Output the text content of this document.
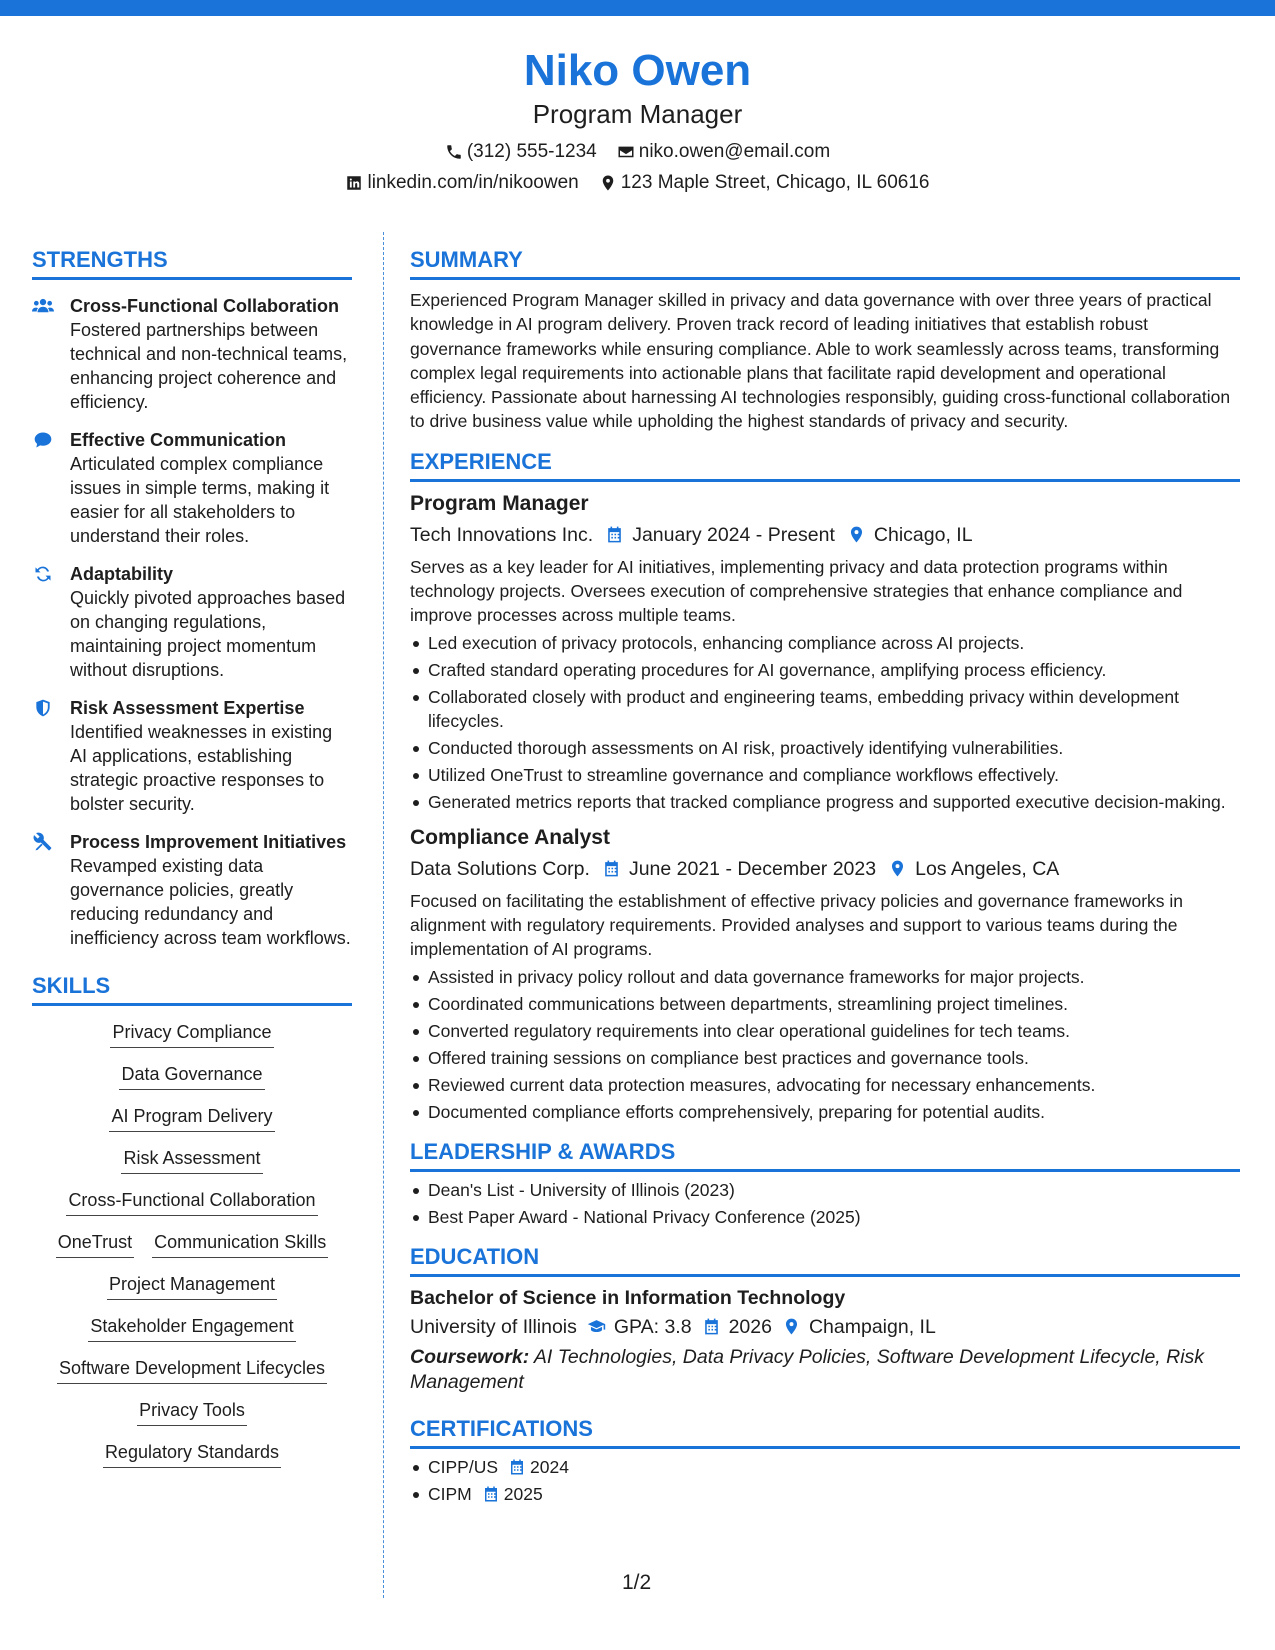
Niko Owen
Program Manager
(312) 555-1234 niko.owen@email.com
linkedin.com/in/nikoowen 123 Maple Street, Chicago, IL 60616
STRENGTHS
Cross-Functional Collaboration
Fostered partnerships between technical and non-technical teams, enhancing project coherence and efficiency.
Effective Communication
Articulated complex compliance issues in simple terms, making it easier for all stakeholders to understand their roles.
Adaptability
Quickly pivoted approaches based on changing regulations, maintaining project momentum without disruptions.
Risk Assessment Expertise
Identified weaknesses in existing AI applications, establishing strategic proactive responses to bolster security.
Process Improvement Initiatives
Revamped existing data governance policies, greatly reducing redundancy and inefficiency across team workflows.
SKILLS
Privacy Compliance
Data Governance
AI Program Delivery
Risk Assessment
Cross-Functional Collaboration
OneTrust Communication Skills
Project Management
Stakeholder Engagement
Software Development Lifecycles
Privacy Tools
Regulatory Standards
SUMMARY
Experienced Program Manager skilled in privacy and data governance with over three years of practical knowledge in AI program delivery. Proven track record of leading initiatives that establish robust governance frameworks while ensuring compliance. Able to work seamlessly across teams, transforming complex legal requirements into actionable plans that facilitate rapid development and operational efficiency. Passionate about harnessing AI technologies responsibly, guiding cross-functional collaboration to drive business value while upholding the highest standards of privacy and security.
EXPERIENCE
Program Manager
Tech Innovations Inc. January 2024 - Present Chicago, IL
Serves as a key leader for AI initiatives, implementing privacy and data protection programs within technology projects. Oversees execution of comprehensive strategies that enhance compliance and improve processes across multiple teams.
Led execution of privacy protocols, enhancing compliance across AI projects.
Crafted standard operating procedures for AI governance, amplifying process efficiency.
Collaborated closely with product and engineering teams, embedding privacy within development lifecycles.
Conducted thorough assessments on AI risk, proactively identifying vulnerabilities.
Utilized OneTrust to streamline governance and compliance workflows effectively.
Generated metrics reports that tracked compliance progress and supported executive decision-making.
Compliance Analyst
Data Solutions Corp. June 2021 - December 2023 Los Angeles, CA
Focused on facilitating the establishment of effective privacy policies and governance frameworks in alignment with regulatory requirements. Provided analyses and support to various teams during the implementation of AI programs.
Assisted in privacy policy rollout and data governance frameworks for major projects.
Coordinated communications between departments, streamlining project timelines.
Converted regulatory requirements into clear operational guidelines for tech teams.
Offered training sessions on compliance best practices and governance tools.
Reviewed current data protection measures, advocating for necessary enhancements.
Documented compliance efforts comprehensively, preparing for potential audits.
LEADERSHIP & AWARDS
Dean's List - University of Illinois (2023)
Best Paper Award - National Privacy Conference (2025)
EDUCATION
Bachelor of Science in Information Technology
University of Illinois GPA: 3.8 2026 Champaign, IL
Coursework: AI Technologies, Data Privacy Policies, Software Development Lifecycle, Risk Management
CERTIFICATIONS
CIPP/US 2024
CIPM 2025
1/2
